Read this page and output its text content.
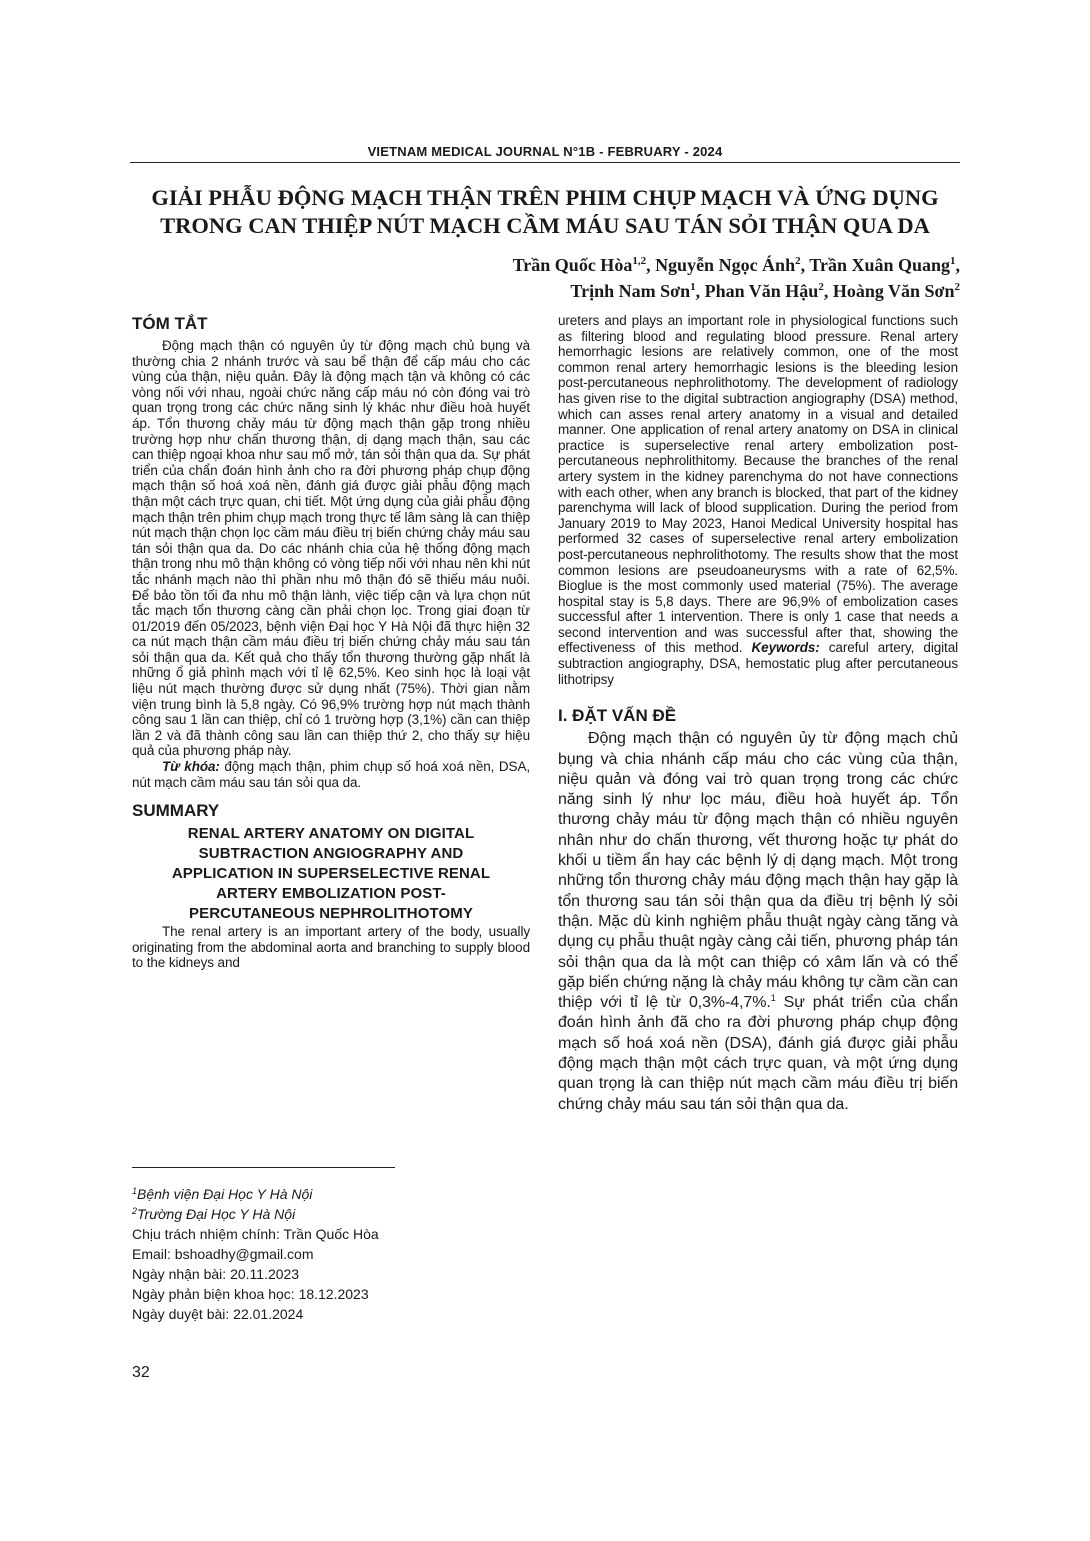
VIETNAM MEDICAL JOURNAL N°1B - FEBRUARY - 2024
GIẢI PHẪU ĐỘNG MẠCH THẬN TRÊN PHIM CHỤP MẠCH VÀ ỨNG DỤNG
TRONG CAN THIỆP NÚT MẠCH CẦM MÁU SAU TÁN SỎI THẬN QUA DA
Trần Quốc Hòa$^{1,2}$, Nguyễn Ngọc Ánh$^2$, Trần Xuân Quang$^1$,
Trịnh Nam Sơn$^1$, Phan Văn Hậu$^2$, Hoàng Văn Sơn$^2$
TÓM TẮT

Động mạch thận có nguyên ủy từ động mạch chủ bụng và thường chia 2 nhánh trước và sau bể thận để cấp máu cho các vùng của thận, niệu quản. Đây là động mạch tận và không có các vòng nối với nhau, ngoài chức năng cấp máu nó còn đóng vai trò quan trọng trong các chức năng sinh lý khác như điều hoà huyết áp. Tổn thương chảy máu từ động mạch thận gặp trong nhiều trường hợp như chấn thương thận, dị dạng mạch thận, sau các can thiệp ngoại khoa như sau mổ mở, tán sỏi thận qua da. Sự phát triển của chẩn đoán hình ảnh cho ra đời phương pháp chụp động mạch thận số hoá xoá nền, đánh giá được giải phẫu động mạch thận một cách trực quan, chi tiết. Một ứng dụng của giải phẫu động mạch thận trên phim chụp mạch trong thực tế lâm sàng là can thiệp nút mạch thận chọn lọc cầm máu điều trị biến chứng chảy máu sau tán sỏi thận qua da. Do các nhánh chia của hệ thống động mạch thận trong nhu mô thận không có vòng tiếp nối với nhau nên khi nút tắc nhánh mạch nào thì phần nhu mô thận đó sẽ thiếu máu nuôi. Để bảo tồn tối đa nhu mô thận lành, việc tiếp cận và lựa chọn nút tắc mạch tổn thương càng cần phải chọn lọc. Trong giai đoạn từ 01/2019 đến 05/2023, bệnh viện Đại học Y Hà Nội đã thực hiện 32 ca nút mạch thận cầm máu điều trị biến chứng chảy máu sau tán sỏi thận qua da. Kết quả cho thấy tổn thương thường gặp nhất là những ổ giả phình mạch với tỉ lệ 62,5%. Keo sinh học là loại vật liệu nút mạch thường được sử dụng nhất (75%). Thời gian nằm viện trung bình là 5,8 ngày. Có 96,9% trường hợp nút mạch thành công sau 1 lần can thiệp, chỉ có 1 trường hợp (3,1%) cần can thiệp lần 2 và đã thành công sau lần can thiệp thứ 2, cho thấy sự hiệu quả của phương pháp này.

Từ khóa: động mạch thận, phim chụp số hoá xoá nền, DSA, nút mạch cầm máu sau tán sỏi qua da.

SUMMARY
RENAL ARTERY ANATOMY ON DIGITAL
SUBTRACTION ANGIOGRAPHY AND
APPLICATION IN SUPERSELECTIVE RENAL
ARTERY EMBOLIZATION POST-
PERCUTANEOUS NEPHROLITHOTOMY

The renal artery is an important artery of the body, usually originating from the abdominal aorta and branching to supply blood to the kidneys and

$^1$Bệnh viện Đại Học Y Hà Nội
$^2$Trường Đại Học Y Hà Nội
Chịu trách nhiệm chính: Trần Quốc Hòa
Email: bshoadhy@gmail.com
Ngày nhận bài: 20.11.2023
Ngày phản biện khoa học: 18.12.2023
Ngày duyệt bài: 22.01.2024

ureters and plays an important role in physiological functions such as filtering blood and regulating blood pressure. Renal artery hemorrhagic lesions are relatively common, one of the most common renal artery hemorrhagic lesions is the bleeding lesion post-percutaneous nephrolithotomy. The development of radiology has given rise to the digital subtraction angiography (DSA) method, which can asses renal artery anatomy in a visual and detailed manner. One application of renal artery anatomy on DSA in clinical practice is superselective renal artery embolization post-percutaneous nephrolithitomy. Because the branches of the renal artery system in the kidney parenchyma do not have connections with each other, when any branch is blocked, that part of the kidney parenchyma will lack of blood supplication. During the period from January 2019 to May 2023, Hanoi Medical University hospital has performed 32 cases of superselective renal artery embolization post-percutaneous nephrolithotomy. The results show that the most common lesions are pseudoaneurysms with a rate of 62,5%. Bioglue is the most commonly used material (75%). The average hospital stay is 5,8 days. There are 96,9% of embolization cases successful after 1 intervention. There is only 1 case that needs a second intervention and was successful after that, showing the effectiveness of this method. Keywords: careful artery, digital subtraction angiography, DSA, hemostatic plug after percutaneous lithotripsy

I. ĐẶT VẤN ĐỀ

Động mạch thận có nguyên ủy từ động mạch chủ bụng và chia nhánh cấp máu cho các vùng của thận, niệu quản và đóng vai trò quan trọng trong các chức năng sinh lý như lọc máu, điều hoà huyết áp. Tổn thương chảy máu từ động mạch thận có nhiều nguyên nhân như do chấn thương, vết thương hoặc tự phát do khối u tiềm ẩn hay các bệnh lý dị dạng mạch. Một trong những tổn thương chảy máu động mạch thận hay gặp là tổn thương sau tán sỏi thận qua da điều trị bệnh lý sỏi thận. Mặc dù kinh nghiệm phẫu thuật ngày càng tăng và dụng cụ phẫu thuật ngày càng cải tiến, phương pháp tán sỏi thận qua da là một can thiệp có xâm lấn và có thể gặp biến chứng nặng là chảy máu không tự cầm cần can thiệp với tỉ lệ từ 0,3%-4,7%.$^1$ Sự phát triển của chẩn đoán hình ảnh đã cho ra đời phương pháp chụp động mạch số hoá xoá nền (DSA), đánh giá được giải phẫu động mạch thận một cách trực quan, và một ứng dụng quan trọng là can thiệp nút mạch cầm máu điều trị biến chứng chảy máu sau tán sỏi thận qua da.

32
